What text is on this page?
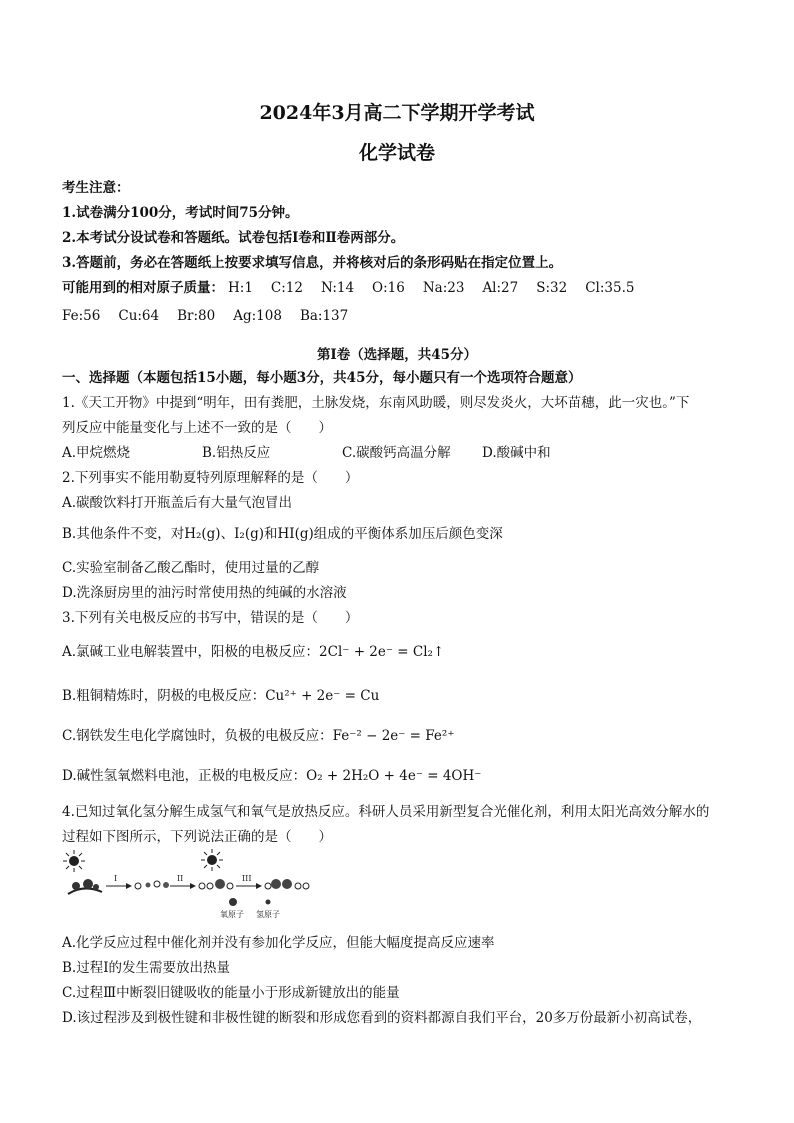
2024年3月高二下学期开学考试
化学试卷
考生注意：
1.试卷满分100分，考试时间75分钟。
2.本考试分设试卷和答题纸。试卷包括Ⅰ卷和Ⅱ卷两部分。
3.答题前，务必在答题纸上按要求填写信息，并将核对后的条形码贴在指定位置上。
可能用到的相对原子质量： H:1 C:12 N:14 O:16 Na:23 Al:27 S:32 Cl:35.5
Fe:56 Cu:64 Br:80 Ag:108 Ba:137
第Ⅰ卷（选择题，共45分）
一、选择题（本题包括15小题，每小题3分，共45分，每小题只有一个选项符合题意）
1.《天工开物》中提到“明年，田有粪肥，土脉发烧，东南风助暖，则尽发炎火，大坏苗穗，此一灾也。”下
列反应中能量变化与上述不一致的是（　　）
A.甲烷燃烧	B.铝热反应	C.碳酸钙高温分解 D.酸碱中和
2.下列事实不能用勒夏特列原理解释的是（　　）
A.碳酸饮料打开瓶盖后有大量气泡冒出
B.其他条件不变，对H₂(g)、I₂(g)和HI(g)组成的平衡体系加压后颜色变深
C.实验室制备乙酸乙酯时，使用过量的乙醇
D.洗涤厨房里的油污时常使用热的纯碱的水溶液
3.下列有关电极反应的书写中，错误的是（　　）
A.氯碱工业电解装置中，阳极的电极反应：2Cl⁻ + 2e⁻ = Cl₂↑
B.粗铜精炼时，阴极的电极反应：Cu²⁺ + 2e⁻ = Cu
C.钢铁发生电化学腐蚀时，负极的电极反应：Fe⁻² − 2e⁻ = Fe²⁺
D.碱性氢氧燃料电池，正极的电极反应：O₂ + 2H₂O + 4e⁻ = 4OH⁻
4.已知过氧化氢分解生成氢气和氧气是放热反应。科研人员采用新型复合光催化剂，利用太阳光高效分解水的
过程如下图所示，下列说法正确的是（　　）
I	II	III
氧原子 氢原子
A.化学反应过程中催化剂并没有参加化学反应，但能大幅度提高反应速率
B.过程Ⅰ的发生需要放出热量
C.过程Ⅲ中断裂旧键吸收的能量小于形成新键放出的能量
D.该过程涉及到极性键和非极性键的断裂和形成您看到的资料都源自我们平台，20多万份最新小初高试卷，
